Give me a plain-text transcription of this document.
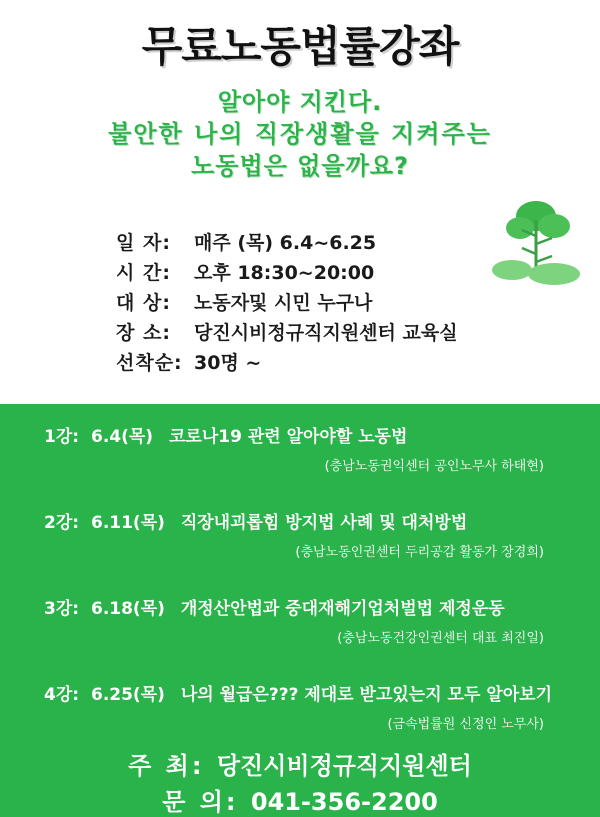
무료노동법률강좌
알아야 지킨다.
불안한 나의 직장생활을 지켜주는
노동법은 없을까요?
일 자:	매주 (목) 6.4~6.25
시 간:	오후 18:30~20:00
대 상:	노동자및 시민 누구나
장 소:	당진시비정규직지원센터 교육실
선착순: 30명 ~
1강: 6.4(목) 코로나19 관련 알아야할 노동법
(충남노동권익센터 공인노무사 하태현)
2강: 6.11(목) 직장내괴롭힘 방지법 사례 및 대처방법
(충남노동인권센터 두리공감 활동가 장경희)
3강: 6.18(목) 개정산안법과 중대재해기업처벌법 제정운동
(충남노동건강인권센터 대표 최진일)
4강: 6.25(목) 나의 월급은??? 제대로 받고있는지 모두 알아보기
(금속법률원 신정인 노무사)
주 최: 당진시비정규직지원센터
문 의: 041-356-2200
